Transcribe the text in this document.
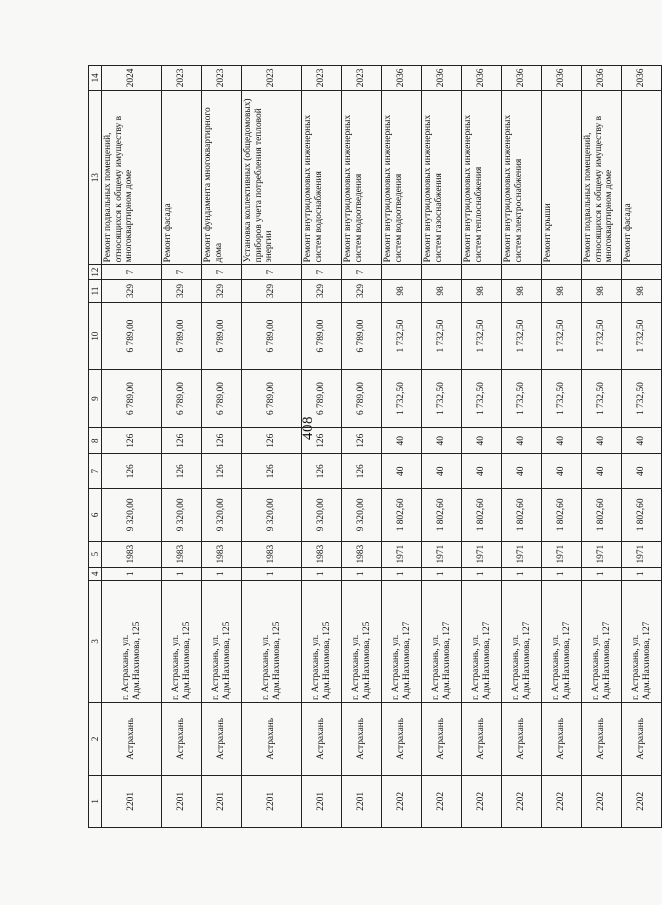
408
1	2	3	4	5	6	7	8	9	10	11	12	13	14
2201	Астрахань	г. Астрахань, ул. Адм.Нахимова, 125	1	1983	9 320,00	126	126	6 789,00	6 789,00	329	7	Ремонт подвальных помещений, относящихся к общему имуществу в многоквартирном доме	2024
2201	Астрахань	г. Астрахань, ул. Адм.Нахимова, 125	1	1983	9 320,00	126	126	6 789,00	6 789,00	329	7	Ремонт фасада	2023
2201	Астрахань	г. Астрахань, ул. Адм.Нахимова, 125	1	1983	9 320,00	126	126	6 789,00	6 789,00	329	7	Ремонт фундамента многоквартирного дома	2023
2201	Астрахань	г. Астрахань, ул. Адм.Нахимова, 125	1	1983	9 320,00	126	126	6 789,00	6 789,00	329	7	Установка коллективных (общедомовых) приборов учета потребления тепловой энергии	2023
2201	Астрахань	г. Астрахань, ул. Адм.Нахимова, 125	1	1983	9 320,00	126	126	6 789,00	6 789,00	329	7	Ремонт внутридомовых инженерных систем водоснабжения	2023
2201	Астрахань	г. Астрахань, ул. Адм.Нахимова, 125	1	1983	9 320,00	126	126	6 789,00	6 789,00	329	7	Ремонт внутридомовых инженерных систем водоотведения	2023
2202	Астрахань	г. Астрахань, ул. Адм.Нахимова, 127	1	1971	1 802,60	40	40	1 732,50	1 732,50	98		Ремонт внутридомовых инженерных систем водоотведения	2036
2202	Астрахань	г. Астрахань, ул. Адм.Нахимова, 127	1	1971	1 802,60	40	40	1 732,50	1 732,50	98		Ремонт внутридомовых инженерных систем газоснабжения	2036
2202	Астрахань	г. Астрахань, ул. Адм.Нахимова, 127	1	1971	1 802,60	40	40	1 732,50	1 732,50	98		Ремонт внутридомовых инженерных систем теплоснабжения	2036
2202	Астрахань	г. Астрахань, ул. Адм.Нахимова, 127	1	1971	1 802,60	40	40	1 732,50	1 732,50	98		Ремонт внутридомовых инженерных систем электроснабжения	2036
2202	Астрахань	г. Астрахань, ул. Адм.Нахимова, 127	1	1971	1 802,60	40	40	1 732,50	1 732,50	98		Ремонт крыши	2036
2202	Астрахань	г. Астрахань, ул. Адм.Нахимова, 127	1	1971	1 802,60	40	40	1 732,50	1 732,50	98		Ремонт подвальных помещений, относящихся к общему имуществу в многоквартирном доме	2036
2202	Астрахань	г. Астрахань, ул. Адм.Нахимова, 127	1	1971	1 802,60	40	40	1 732,50	1 732,50	98		Ремонт фасада	2036
